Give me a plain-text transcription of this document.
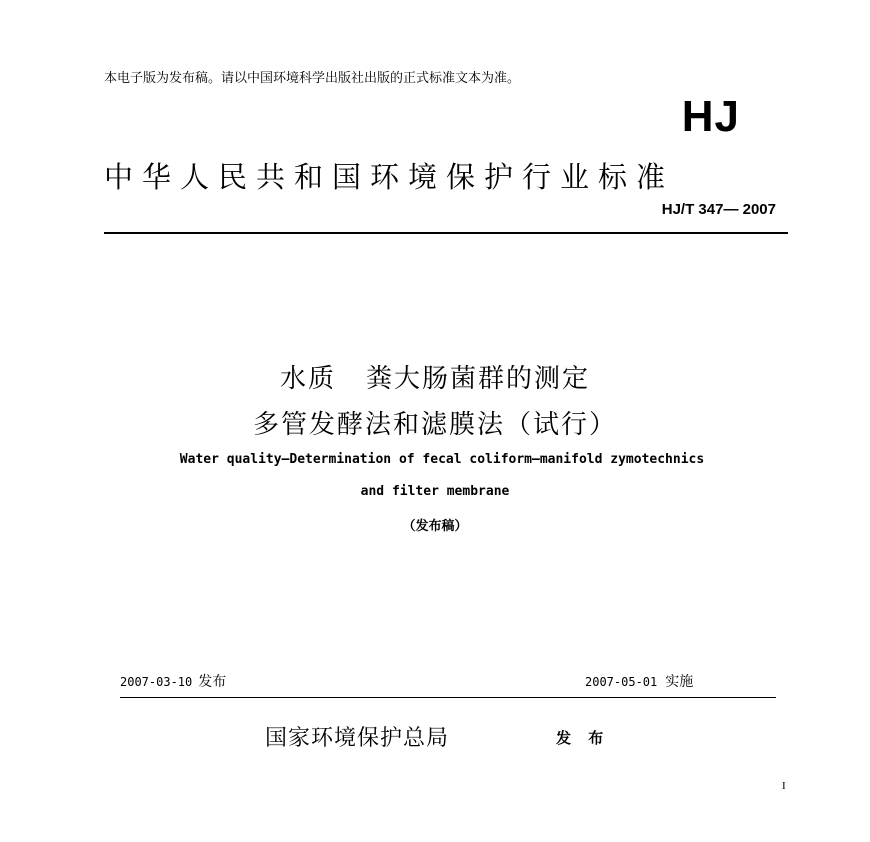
本电子版为发布稿。请以中国环境科学出版社出版的正式标准文本为准。
HJ
中华人民共和国环境保护行业标准
HJ/T 347— 2007
水质 粪大肠菌群的测定
多管发酵法和滤膜法（试行）
Water quality—Determination of fecal coliform—manifold zymotechnics
and filter membrane
（发布稿）
2007-03-10 发布	2007-05-01 实施
国家环境保护总局	发 布
I
